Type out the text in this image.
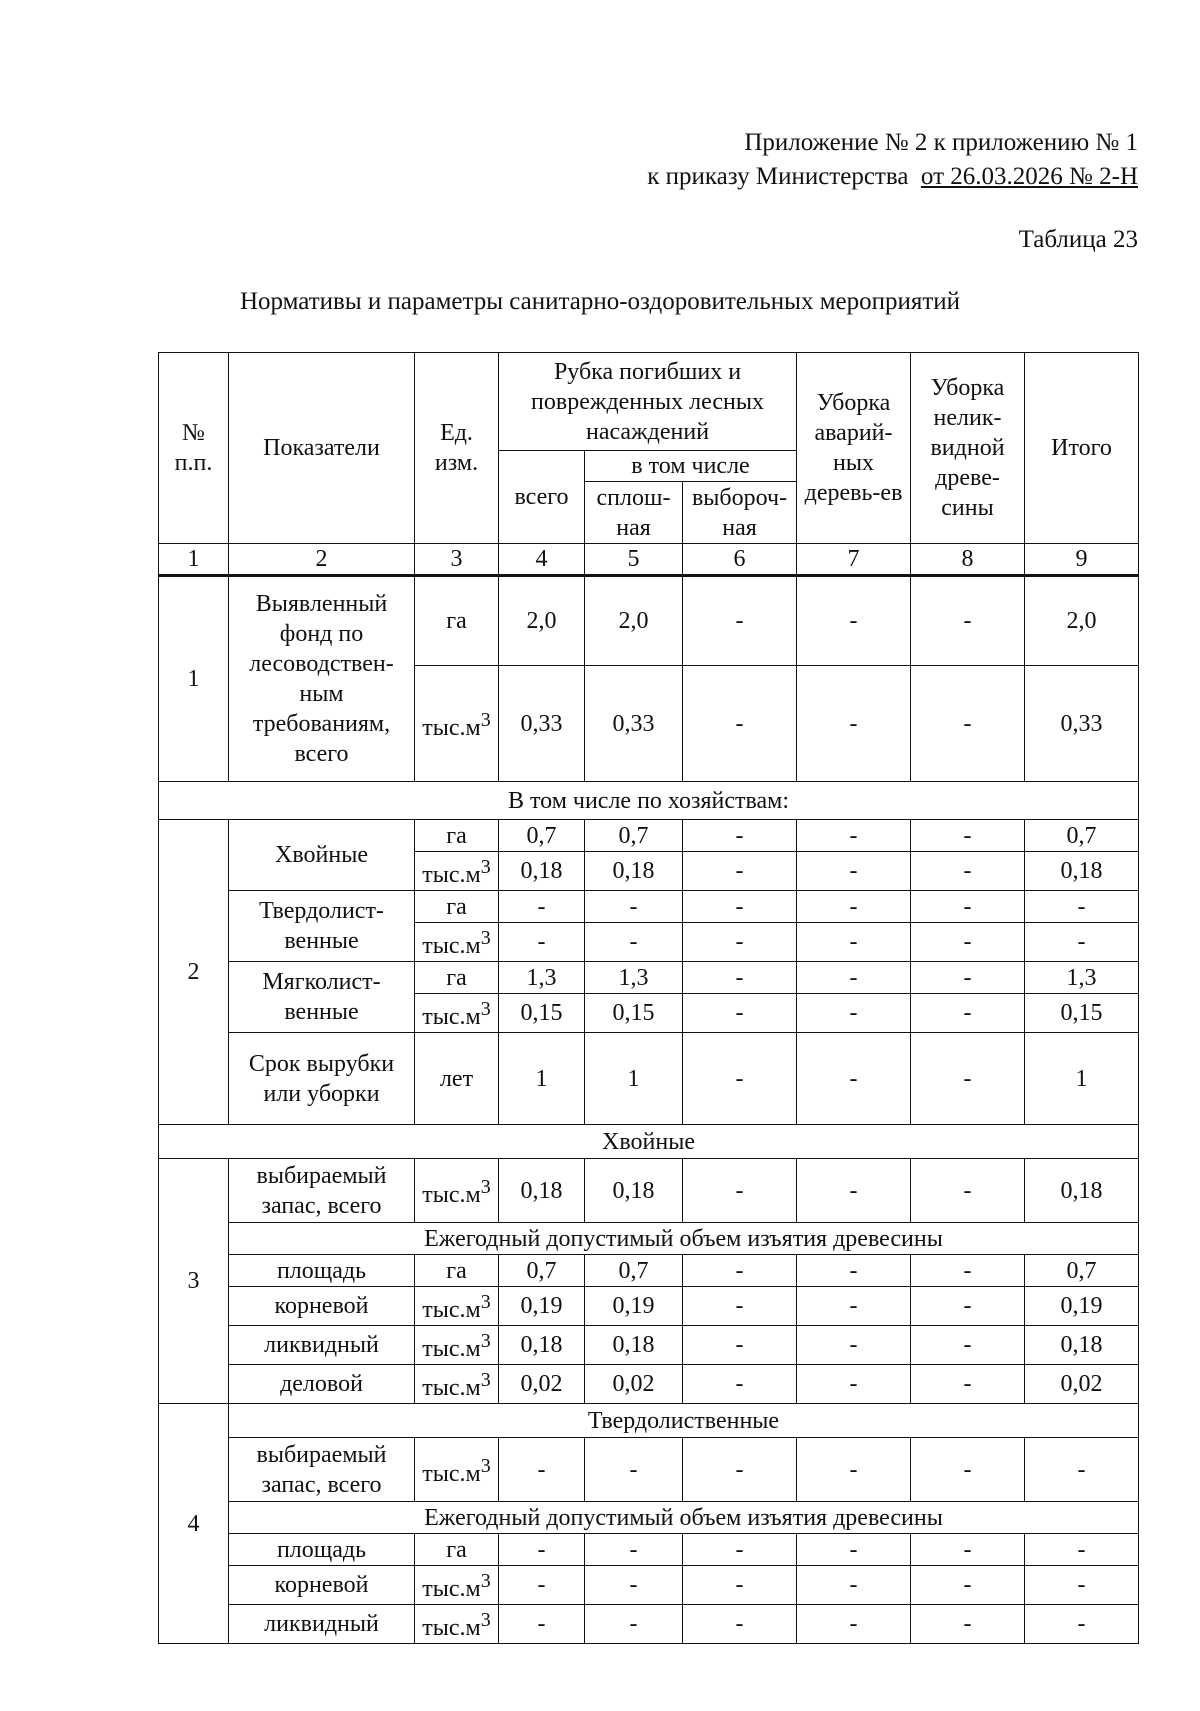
Приложение № 2 к приложению № 1
к приказу Министерства от 26.03.2026 № 2-Н
Таблица 23
Нормативы и параметры санитарно-оздоровительных мероприятий
№ п.п.	Показатели	Ед. изм.	Рубка погибших и поврежденных лесных насаждений			Уборка аварий-ных деревь-ев	Уборка нелик-видной древе-сины	Итого
			всего	в том числе				
				сплош-ная	выбороч-ная			
1	2	3	4	5	6	7	8	9
1	Выявленный фонд по лесоводствен-ным требованиям, всего	га	2,0	2,0	-	-	-	2,0
		$тыс.м^3$	0,33	0,33	-	-	-	0,33
В том числе по хозяйствам:								
2	Хвойные	га	0,7	0,7	-	-	-	0,7
		$тыс.м^3$	0,18	0,18	-	-	-	0,18
	Твердолист-венные	га	-	-	-	-	-	-
		$тыс.м^3$	-	-	-	-	-	-
	Мягколист-венные	га	1,3	1,3	-	-	-	1,3
		$тыс.м^3$	0,15	0,15	-	-	-	0,15
	Срок вырубки или уборки	лет	1	1	-	-	-	1
Хвойные								
3	выбираемый запас, всего	$тыс.м^3$	0,18	0,18	-	-	-	0,18
	Ежегодный допустимый объем изъятия древесины							
	площадь	га	0,7	0,7	-	-	-	0,7
	корневой	$тыс.м^3$	0,19	0,19	-	-	-	0,19
	ликвидный	$тыс.м^3$	0,18	0,18	-	-	-	0,18
	деловой	$тыс.м^3$	0,02	0,02	-	-	-	0,02
4	Твердолиственные							
	выбираемый запас, всего	$тыс.м^3$	-	-	-	-	-	-
	Ежегодный допустимый объем изъятия древесины							
	площадь	га	-	-	-	-	-	-
	корневой	$тыс.м^3$	-	-	-	-	-	-
	ликвидный	$тыс.м^3$	-	-	-	-	-	-
